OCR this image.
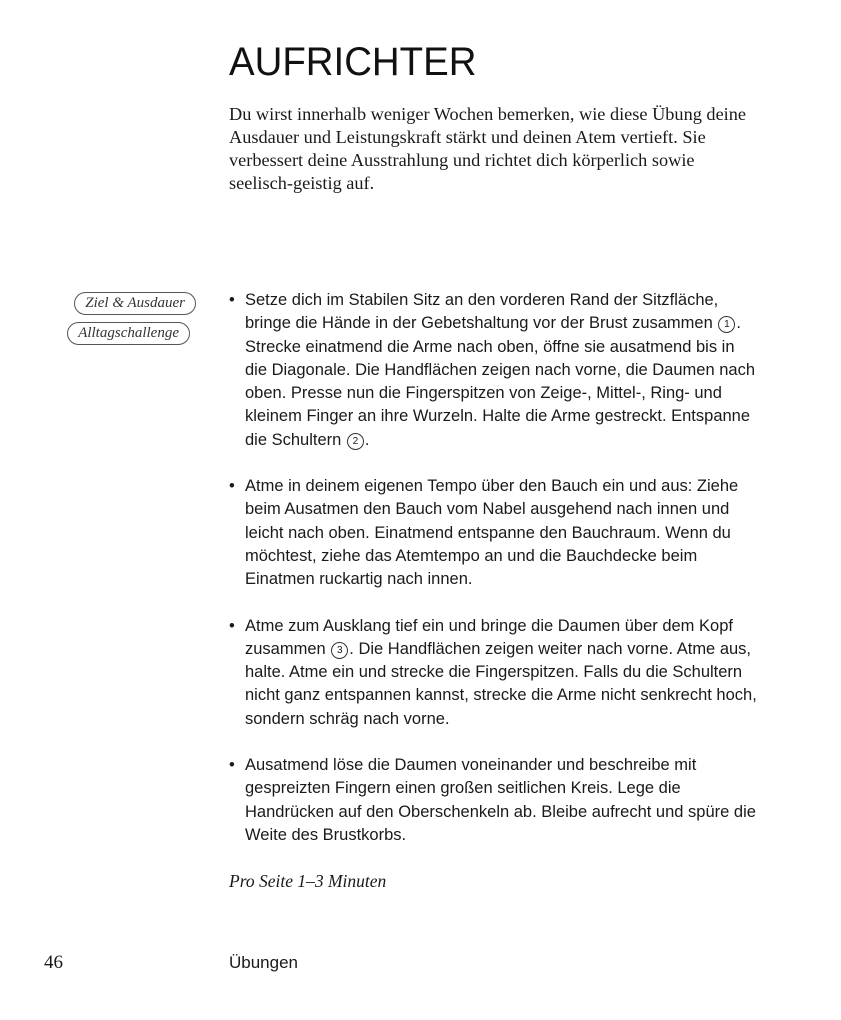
AUFRICHTER

Du wirst innerhalb weniger Wochen bemerken, wie diese Übung deine Ausdauer und Leistungskraft stärkt und deinen Atem vertieft. Sie verbessert deine Ausstrahlung und richtet dich körperlich sowie seelisch-geistig auf.

Ziel & Ausdauer
Alltagschallenge
• Setze dich im Stabilen Sitz an den vorderen Rand der Sitzfläche, bringe die Hände in der Gebetshaltung vor der Brust zusammen 1 . Strecke einatmend die Arme nach oben, öffne sie ausatmend bis in die Diagonale. Die Handflächen zeigen nach vorne, die Daumen nach oben. Presse nun die Fingerspitzen von Zeige-, Mittel-, Ring- und kleinem Finger an ihre Wurzeln. Halte die Arme gestreckt. Entspanne die Schultern 2 .
• Atme in deinem eigenen Tempo über den Bauch ein und aus: Ziehe beim Ausatmen den Bauch vom Nabel ausgehend nach innen und leicht nach oben. Einatmend entspanne den Bauchraum. Wenn du möchtest, ziehe das Atemtempo an und die Bauchdecke beim Einatmen ruckartig nach innen.
• Atme zum Ausklang tief ein und bringe die Daumen über dem Kopf zusammen 3 . Die Handflächen zeigen weiter nach vorne. Atme aus, halte. Atme ein und strecke die Fingerspitzen. Falls du die Schultern nicht ganz entspannen kannst, strecke die Arme nicht senkrecht hoch, sondern schräg nach vorne.
• Ausatmend löse die Daumen voneinander und beschreibe mit gespreizten Fingern einen großen seitlichen Kreis. Lege die Handrücken auf den Oberschenkeln ab. Bleibe aufrecht und spüre die Weite des Brustkorbs.

Pro Seite 1–3 Minuten

46	Übungen
